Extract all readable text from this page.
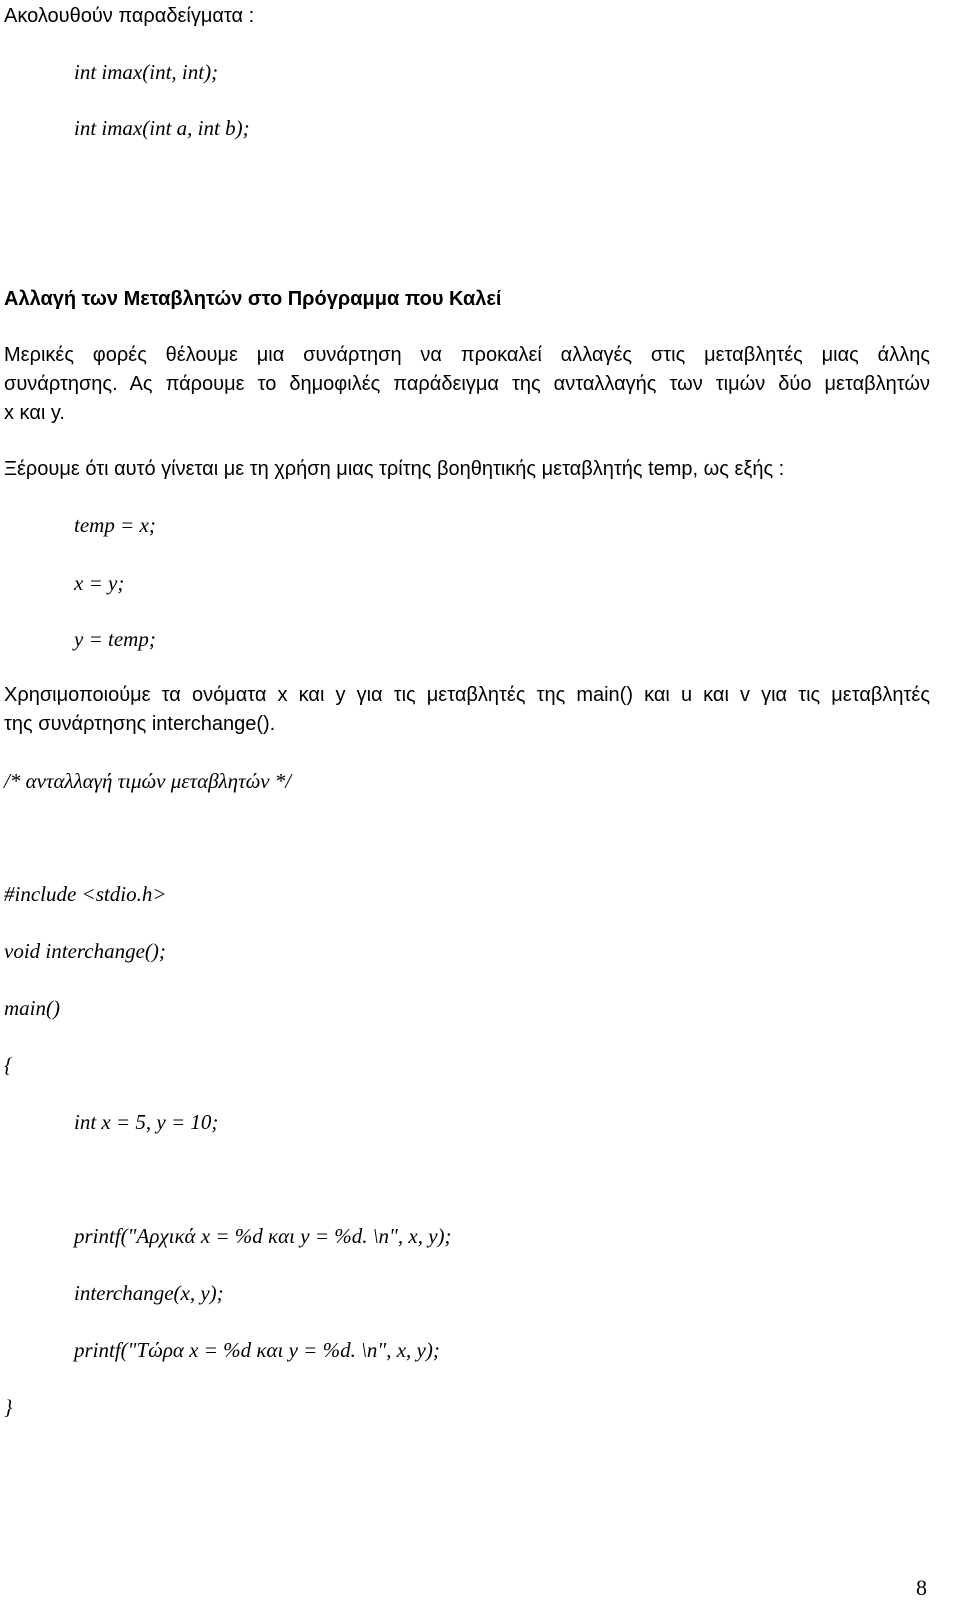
Ακολουθούν παραδείγματα :
int imax(int, int);
int imax(int a, int b);
Αλλαγή των Μεταβλητών στο Πρόγραμμα που Καλεί
Μερικές φορές θέλουμε μια συνάρτηση να προκαλεί αλλαγές στις μεταβλητές μιας άλλης
συνάρτησης. Ας πάρουμε το δημοφιλές παράδειγμα της ανταλλαγής των τιμών δύο μεταβλητών
x και y.
Ξέρουμε ότι αυτό γίνεται με τη χρήση μιας τρίτης βοηθητικής μεταβλητής temp, ως εξής :
temp = x;
x = y;
y = temp;
Χρησιμοποιούμε τα ονόματα x και y για τις μεταβλητές της main() και u και v για τις μεταβλητές
της συνάρτησης interchange().
/* ανταλλαγή τιμών μεταβλητών */
#include <stdio.h>
void interchange();
main()
{
int x = 5, y = 10;
printf("Αρχικά x = %d και y = %d. \n", x, y);
interchange(x, y);
printf("Τώρα x = %d και y = %d. \n", x, y);
}
8
